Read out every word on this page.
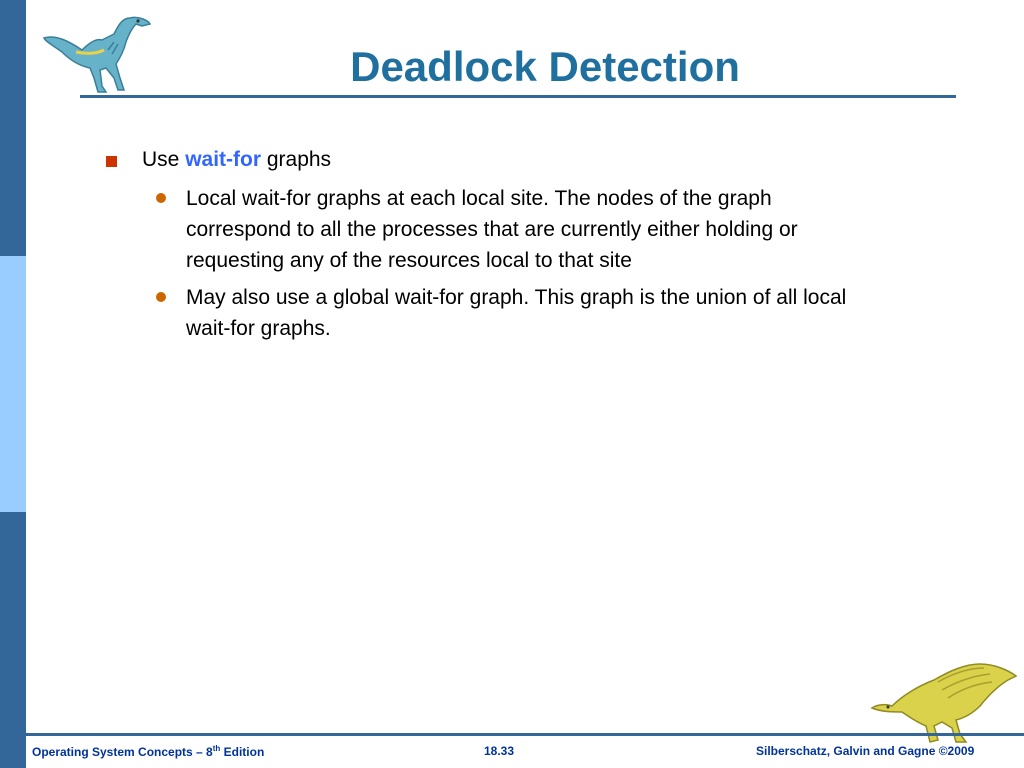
Deadlock Detection
Use wait-for graphs
Local wait-for graphs at each local site. The nodes of the graph correspond to all the processes that are currently either holding or requesting any of the resources local to that site
May also use a global wait-for graph. This graph is the union of all local wait-for graphs.
Operating System Concepts – 8th Edition	18.33	Silberschatz, Galvin and Gagne ©2009
